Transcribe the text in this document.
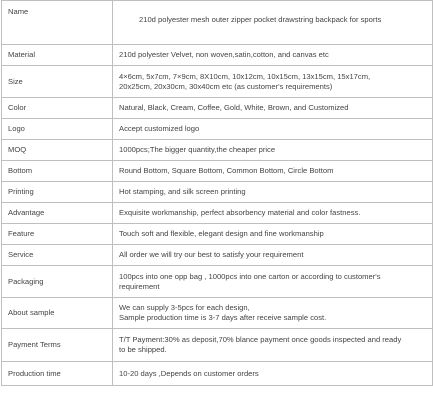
Name	210d polyester mesh outer zipper pocket drawstring backpack for sports

Material	210d polyester Velvet, non woven,satin,cotton, and canvas etc

Size	4×6cm, 5x7cm, 7×9cm, 8X10cm, 10x12cm, 10x15cm, 13x15cm, 15x17cm,
20x25cm, 20x30cm, 30x40cm etc (as customer's requirements)

Color	Natural, Black, Cream, Coffee, Gold, White, Brown, and Customized

Logo	Accept customized logo

MOQ	1000pcs;The bigger quantity,the cheaper price

Bottom	Round Bottom, Square Bottom, Common Bottom, Circle Bottom

Printing	Hot stamping, and silk screen printing

Advantage	Exquisite workmanship, perfect absorbency material and color fastness.

Feature	Touch soft and flexible, elegant design and fine workmanship

Service	All order we will try our best to satisfy your requirement

Packaging	100pcs into one opp bag , 1000pcs into one carton or according to customer's
requirement

About sample	We can supply 3-5pcs for each design,
Sample production time is 3-7 days after receive sample cost.

Payment Terms	T/T Payment:30% as deposit,70% blance payment once goods inspected and ready
to be shipped.

Production time	10-20 days ,Depends on customer orders
